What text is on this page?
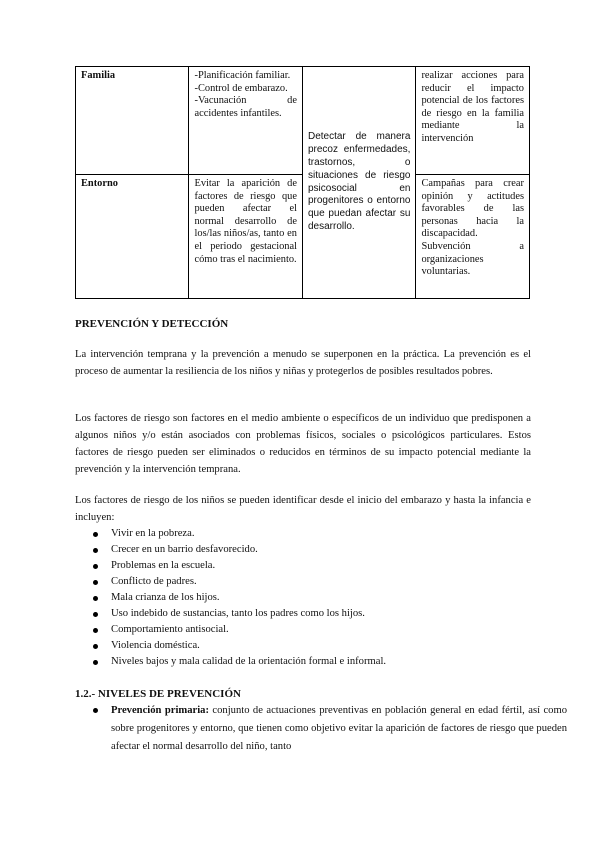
Familia	-Planificación familiar.
-Control de embarazo.
-Vacunación de accidentes infantiles.	Detectar de manera precoz enfermedades, trastornos, o situaciones de riesgo psicosocial en progenitores o entorno que puedan afectar su desarrollo.	realizar acciones para reducir el impacto potencial de los factores de riesgo en la familia mediante la intervención
Entorno	Evitar la aparición de factores de riesgo que pueden afectar el normal desarrollo de los/las niños/as, tanto en el periodo gestacional cómo tras el nacimiento.		Campañas para crear opinión y actitudes favorables de las personas hacia la discapacidad.
Subvención a organizaciones voluntarias.
PREVENCIÓN Y DETECCIÓN
La intervención temprana y la prevención a menudo se superponen en la práctica. La prevención es el proceso de aumentar la resiliencia de los niños y niñas y protegerlos de posibles resultados pobres.
Los factores de riesgo son factores en el medio ambiente o específicos de un individuo que predisponen a algunos niños y/o están asociados con problemas físicos, sociales o psicológicos particulares. Estos factores de riesgo pueden ser eliminados o reducidos en términos de su impacto potencial mediante la prevención y la intervención temprana.
Los factores de riesgo de los niños se pueden identificar desde el inicio del embarazo y hasta la infancia e incluyen:
Vivir en la pobreza.
Crecer en un barrio desfavorecido.
Problemas en la escuela.
Conflicto de padres.
Mala crianza de los hijos.
Uso indebido de sustancias, tanto los padres como los hijos.
Comportamiento antisocial.
Violencia doméstica.
Niveles bajos y mala calidad de la orientación formal e informal.
1.2.- NIVELES DE PREVENCIÓN
Prevención primaria: conjunto de actuaciones preventivas en población general en edad fértil, así como sobre progenitores y entorno, que tienen como objetivo evitar la aparición de factores de riesgo que pueden afectar el normal desarrollo del niño, tanto
